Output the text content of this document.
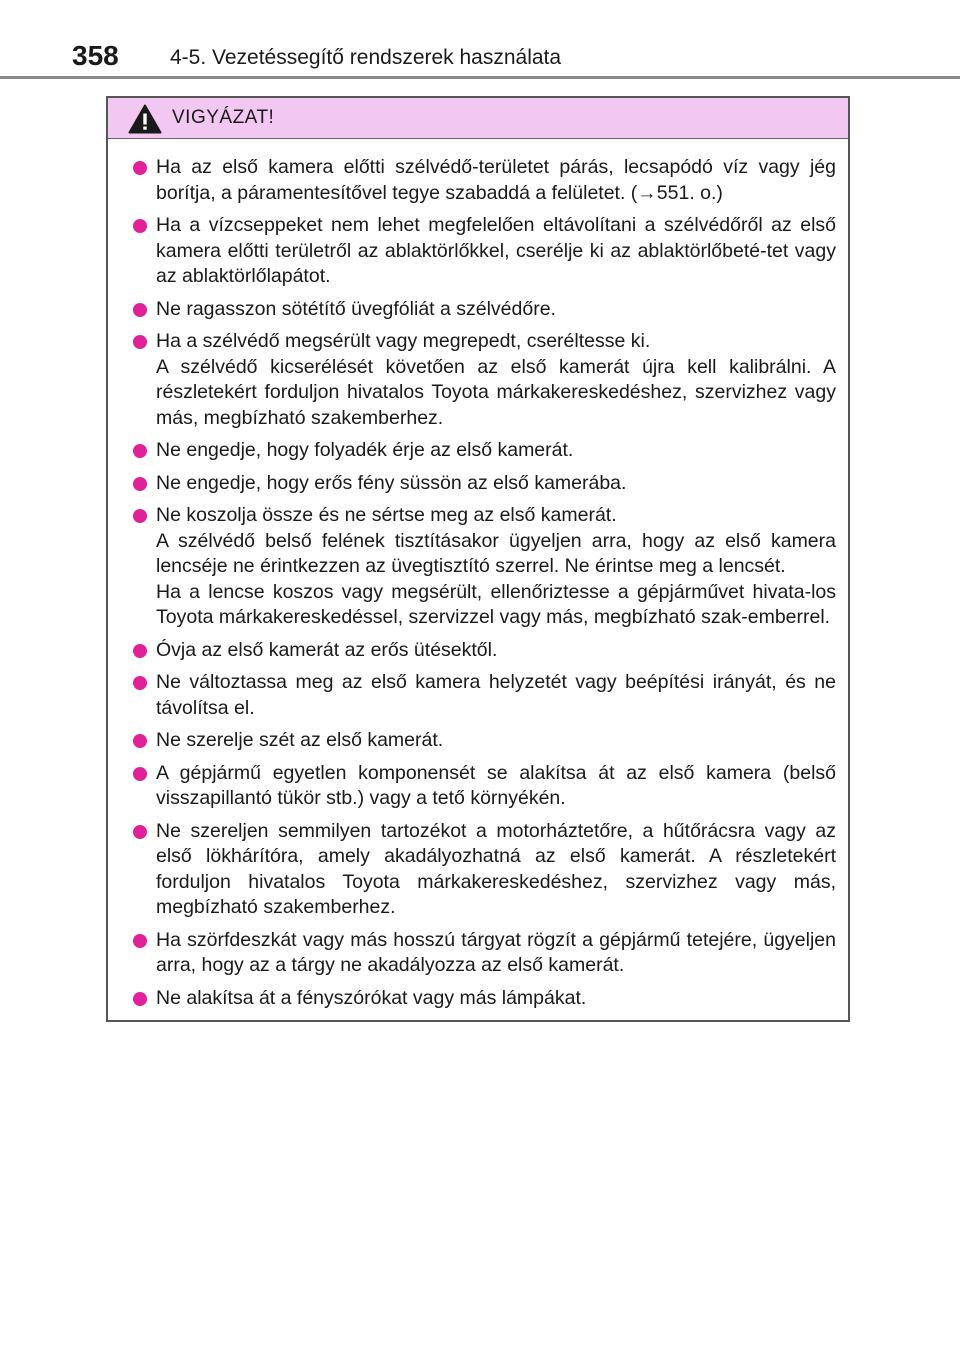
358 4-5. Vezetéssegítő rendszerek használata
VIGYÁZAT!
Ha az első kamera előtti szélvédő-területet párás, lecsapódó víz vagy jég borítja, a páramentesítővel tegye szabaddá a felületet. (→551. o.)
Ha a vízcseppeket nem lehet megfelelően eltávolítani a szélvédőről az első kamera előtti területről az ablaktörlőkkel, cserélje ki az ablaktörlőbeté-tet vagy az ablaktörlőlapátot.
Ne ragasszon sötétítő üvegfóliát a szélvédőre.
Ha a szélvédő megsérült vagy megrepedt, cseréltesse ki.
A szélvédő kicserélését követően az első kamerát újra kell kalibrálni. A részletekért forduljon hivatalos Toyota márkakereskedéshez, szervizhez vagy más, megbízható szakemberhez.
Ne engedje, hogy folyadék érje az első kamerát.
Ne engedje, hogy erős fény süssön az első kamerába.
Ne koszolja össze és ne sértse meg az első kamerát.
A szélvédő belső felének tisztításakor ügyeljen arra, hogy az első kamera lencséje ne érintkezzen az üvegtisztító szerrel. Ne érintse meg a lencsét.
Ha a lencse koszos vagy megsérült, ellenőriztesse a gépjárművet hivata-los Toyota márkakereskedéssel, szervizzel vagy más, megbízható szak-emberrel.
Óvja az első kamerát az erős ütésektől.
Ne változtassa meg az első kamera helyzetét vagy beépítési irányát, és ne távolítsa el.
Ne szerelje szét az első kamerát.
A gépjármű egyetlen komponensét se alakítsa át az első kamera (belső visszapillantó tükör stb.) vagy a tető környékén.
Ne szereljen semmilyen tartozékot a motorháztetőre, a hűtőrácsra vagy az első lökhárítóra, amely akadályozhatná az első kamerát. A részletekért forduljon hivatalos Toyota márkakereskedéshez, szervizhez vagy más, megbízható szakemberhez.
Ha szörfdeszkát vagy más hosszú tárgyat rögzít a gépjármű tetejére, ügyeljen arra, hogy az a tárgy ne akadályozza az első kamerát.
Ne alakítsa át a fényszórókat vagy más lámpákat.
